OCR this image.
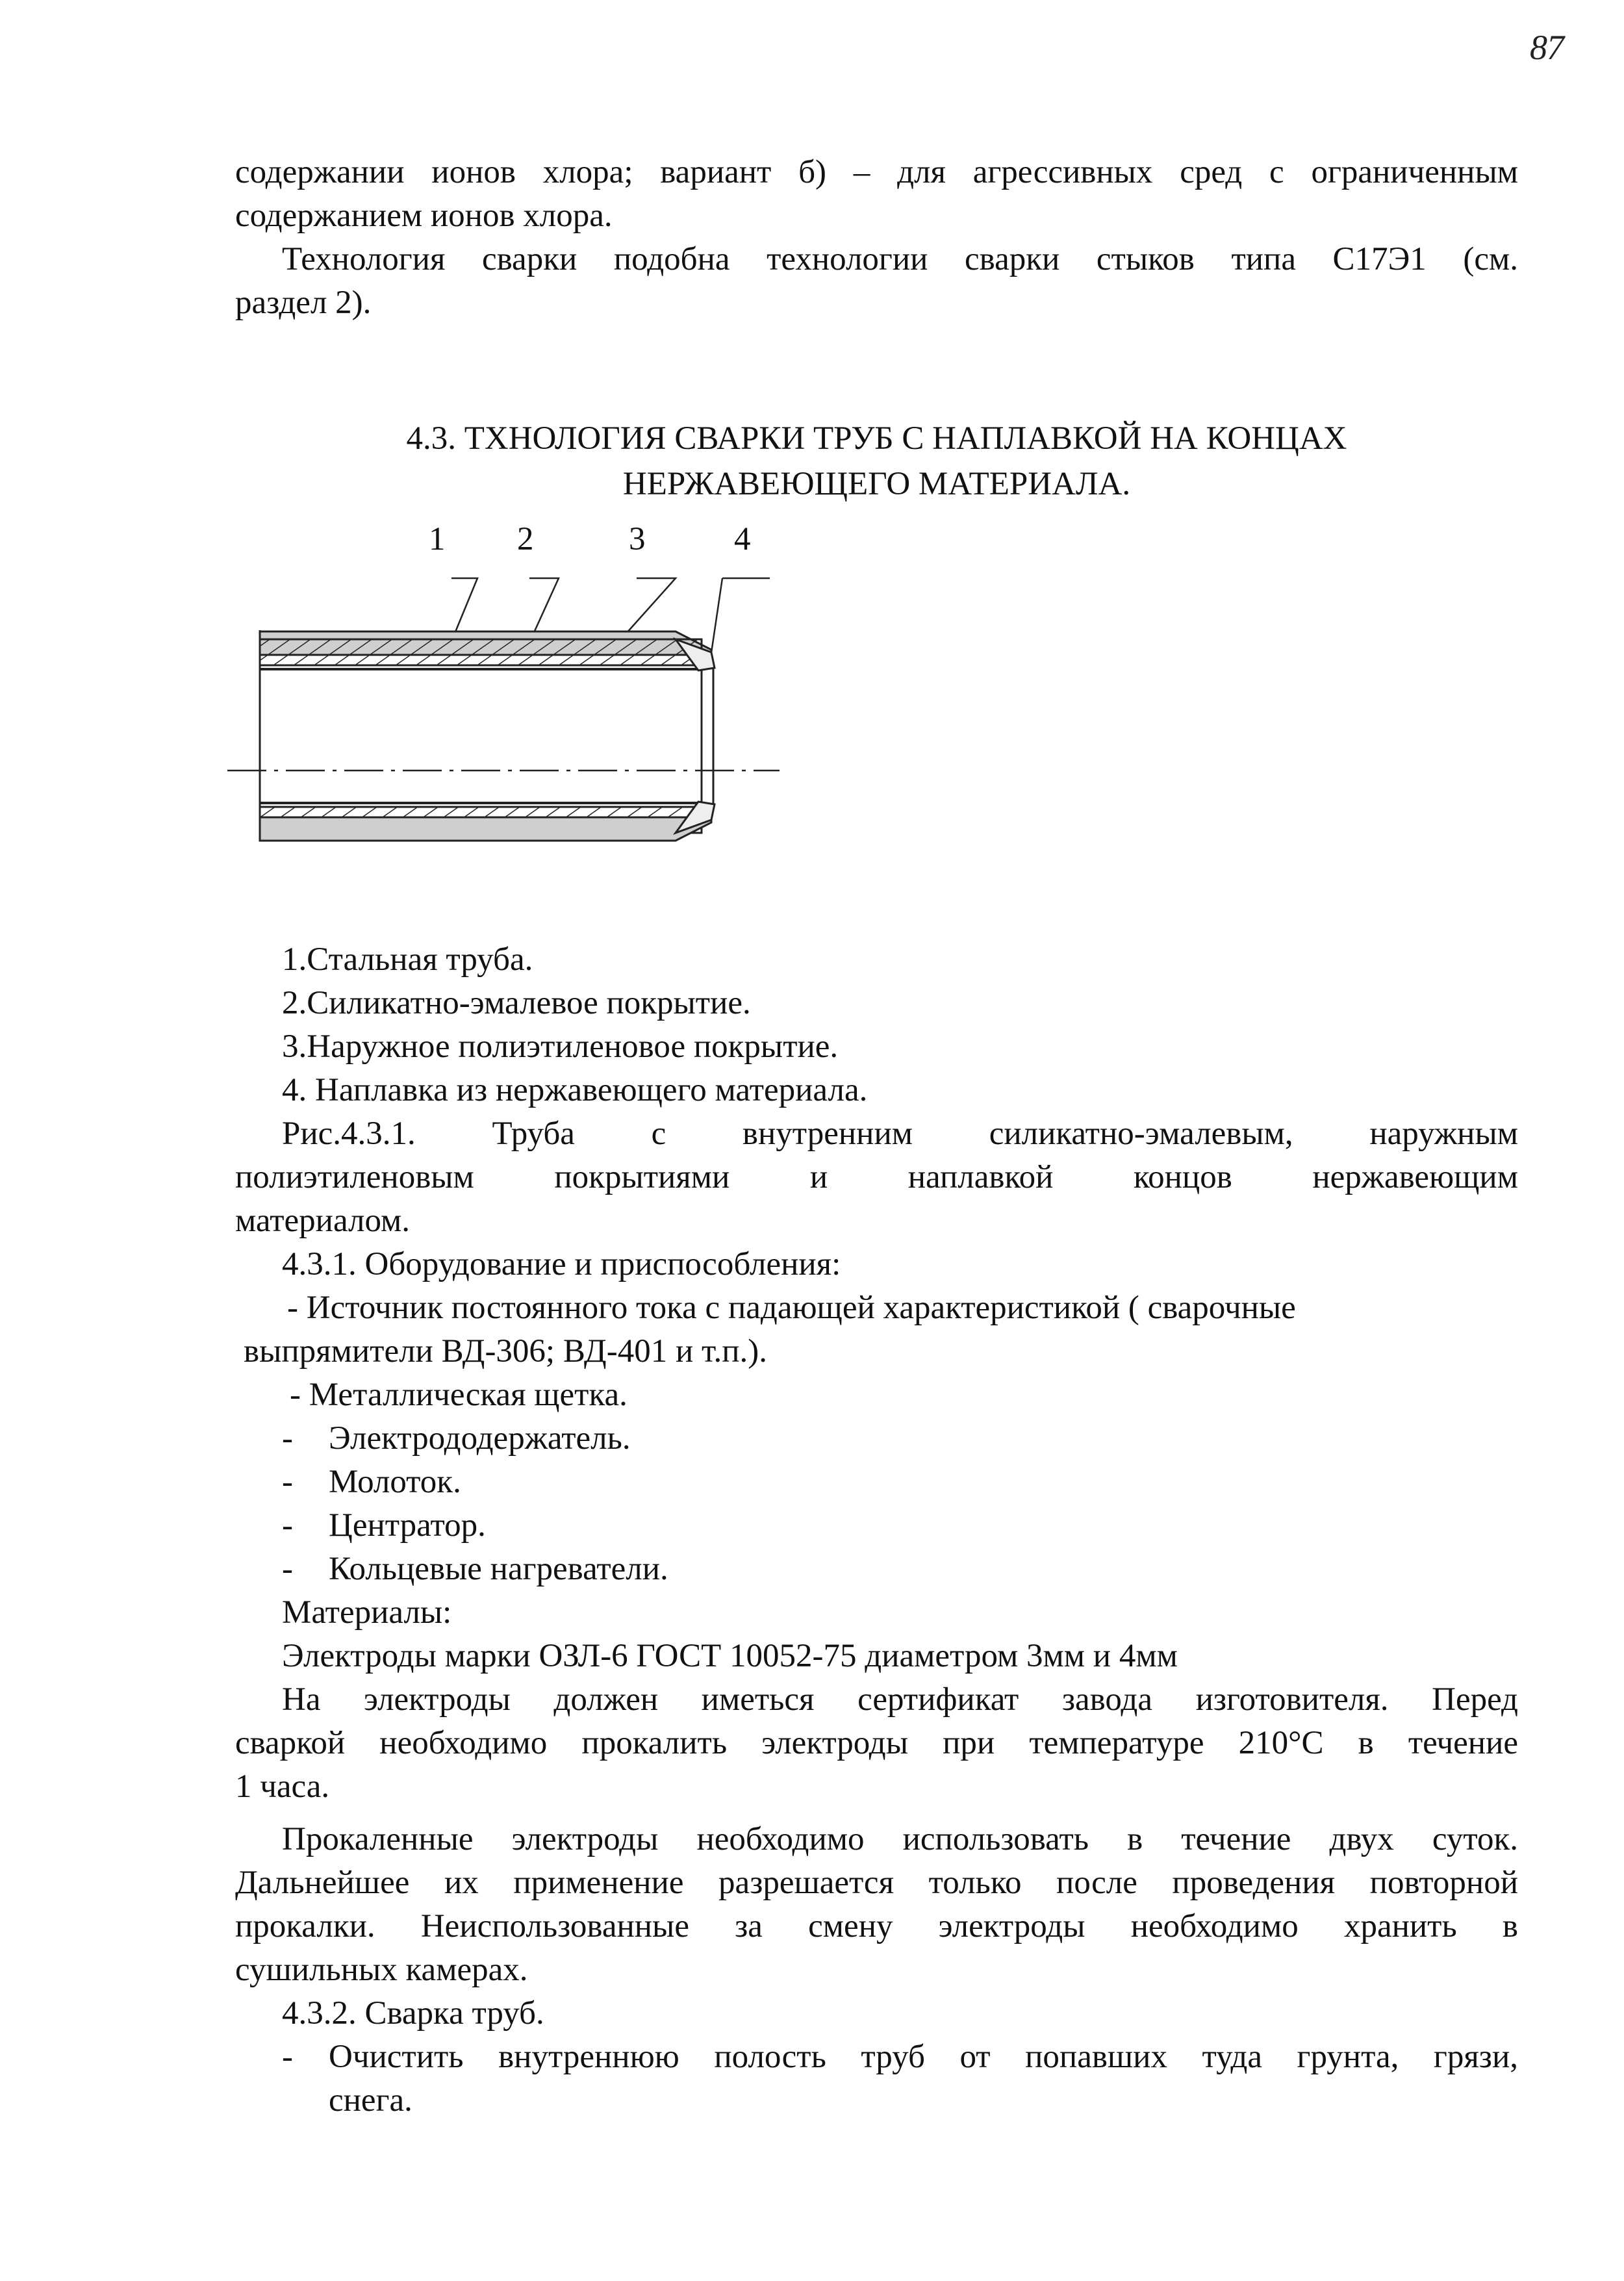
87
содержании ионов хлора; вариант б) – для агрессивных сред с ограниченным
содержанием ионов хлора.
Технология сварки подобна технологии сварки стыков типа С17Э1 (см.
раздел 2).
4.3. ТХНОЛОГИЯ СВАРКИ ТРУБ С НАПЛАВКОЙ НА КОНЦАХ
НЕРЖАВЕЮЩЕГО МАТЕРИАЛА.
1 2	3	4
1.Стальная труба.
2.Силикатно-эмалевое покрытие.
3.Наружное полиэтиленовое покрытие.
4. Наплавка из нержавеющего материала.
Рис.4.3.1. Труба с внутренним силикатно-эмалевым, наружным
полиэтиленовым покрытиями и наплавкой концов нержавеющим
материалом.
4.3.1. Оборудование и приспособления:
- Источник постоянного тока с падающей характеристикой ( сварочные
выпрямители ВД-306; ВД-401 и т.п.).
- Металлическая щетка.
- Электрододержатель.
- Молоток.
- Центратор.
- Кольцевые нагреватели.
Материалы:
Электроды марки ОЗЛ-6 ГОСТ 10052-75 диаметром 3мм и 4мм
На электроды должен иметься сертификат завода изготовителя. Перед
сваркой необходимо прокалить электроды при температуре 210°С в течение
1 часа.
Прокаленные электроды необходимо использовать в течение двух суток.
Дальнейшее их применение разрешается только после проведения повторной
прокалки. Неиспользованные за смену электроды необходимо хранить в
сушильных камерах.
4.3.2. Сварка труб.
- Очистить внутреннюю полость труб от попавших туда грунта, грязи,
снега.
